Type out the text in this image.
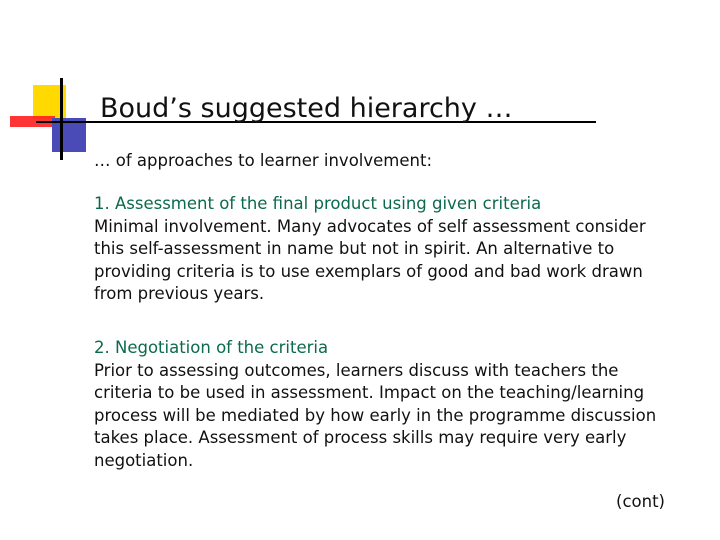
Boud’s suggested hierarchy …
… of approaches to learner involvement:
1. Assessment of the final product using given criteria
Minimal involvement. Many advocates of self assessment consider this self-assessment in name but not in spirit. An alternative to providing criteria is to use exemplars of good and bad work drawn from previous years.
2. Negotiation of the criteria
Prior to assessing outcomes, learners discuss with teachers the criteria to be used in assessment. Impact on the teaching/learning process will be mediated by how early in the programme discussion takes place. Assessment of process skills may require very early negotiation.
(cont)
